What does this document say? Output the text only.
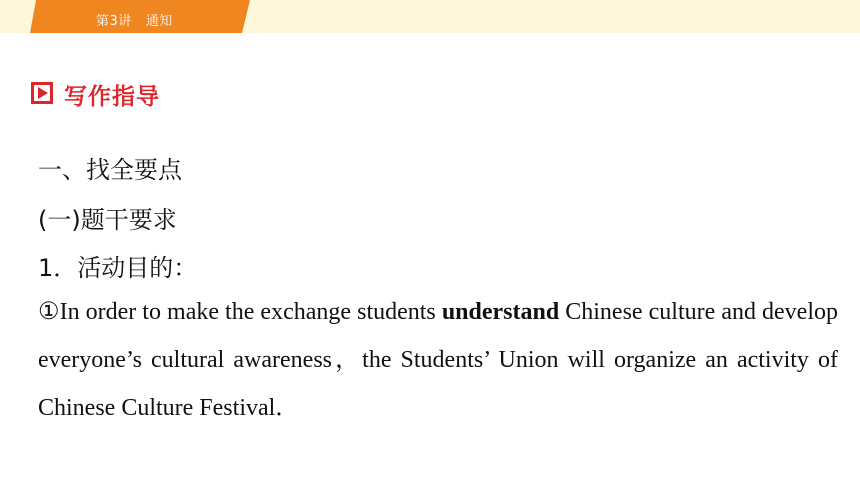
第3讲 通知
写作指导
一、找全要点
(一)题干要求
1．活动目的：
①In order to make the exchange students understand Chinese culture and develop everyone’s cultural awareness，the Students’ Union will organize an activity of Chinese Culture Festival．
